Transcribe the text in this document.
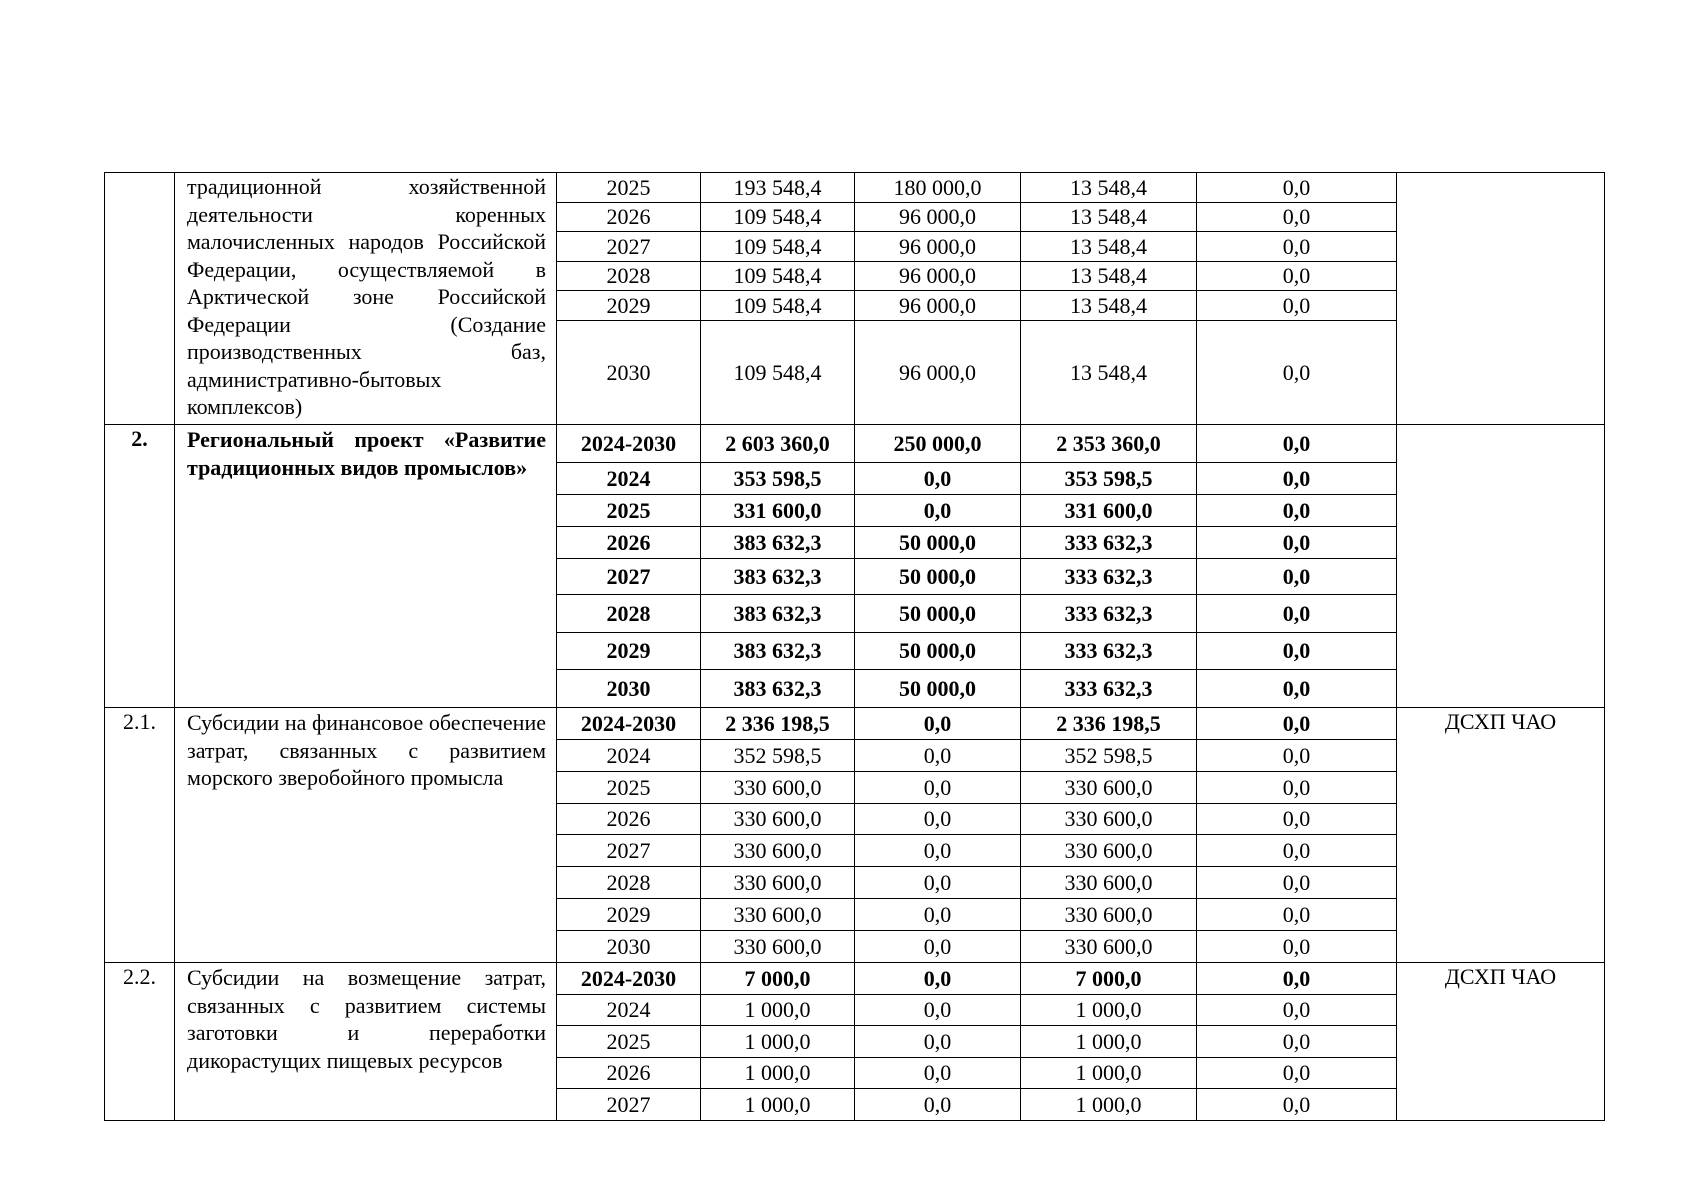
	традиционной хозяйственной деятельности коренных малочисленных народов Российской Федерации, осуществляемой в Арктической зоне Российской Федерации (Создание производственных баз, административно-бытовых комплексов)	2025	193 548,4	180 000,0	13 548,4	0,0	
		2026	109 548,4	96 000,0	13 548,4	0,0	
		2027	109 548,4	96 000,0	13 548,4	0,0	
		2028	109 548,4	96 000,0	13 548,4	0,0	
		2029	109 548,4	96 000,0	13 548,4	0,0	
		2030	109 548,4	96 000,0	13 548,4	0,0	
2.	Региональный проект «Развитие традиционных видов промыслов»	2024-2030	2 603 360,0	250 000,0	2 353 360,0	0,0	
		2024	353 598,5	0,0	353 598,5	0,0	
		2025	331 600,0	0,0	331 600,0	0,0	
		2026	383 632,3	50 000,0	333 632,3	0,0	
		2027	383 632,3	50 000,0	333 632,3	0,0	
		2028	383 632,3	50 000,0	333 632,3	0,0	
		2029	383 632,3	50 000,0	333 632,3	0,0	
		2030	383 632,3	50 000,0	333 632,3	0,0	
2.1.	Субсидии на финансовое обеспечение затрат, связанных с развитием морского зверобойного промысла	2024-2030	2 336 198,5	0,0	2 336 198,5	0,0	ДСХП ЧАО
		2024	352 598,5	0,0	352 598,5	0,0	
		2025	330 600,0	0,0	330 600,0	0,0	
		2026	330 600,0	0,0	330 600,0	0,0	
		2027	330 600,0	0,0	330 600,0	0,0	
		2028	330 600,0	0,0	330 600,0	0,0	
		2029	330 600,0	0,0	330 600,0	0,0	
		2030	330 600,0	0,0	330 600,0	0,0	
2.2.	Субсидии на возмещение затрат, связанных с развитием системы заготовки и переработки дикорастущих пищевых ресурсов	2024-2030	7 000,0	0,0	7 000,0	0,0	ДСХП ЧАО
		2024	1 000,0	0,0	1 000,0	0,0	
		2025	1 000,0	0,0	1 000,0	0,0	
		2026	1 000,0	0,0	1 000,0	0,0	
		2027	1 000,0	0,0	1 000,0	0,0	
